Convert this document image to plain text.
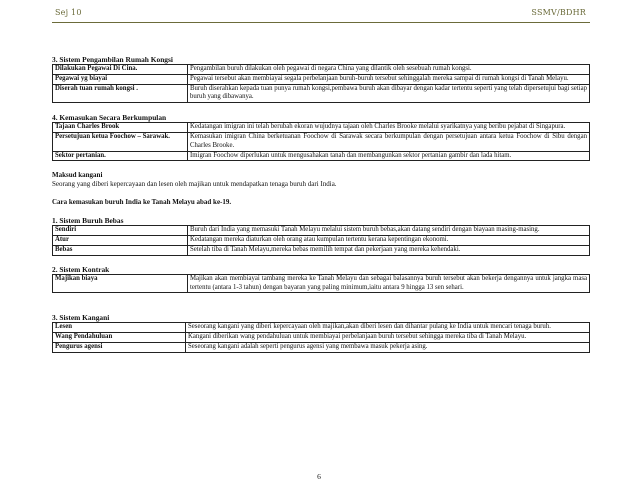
Sej 10	SSMV/BDHR
3. Sistem Pengambilan Rumah Kongsi
Dilakukan Pegawai Di Cina.	Pengambilan buruh dilakukan oleh pegawai di negara China yang dilantik oleh sesebuah rumah kongsi.
Pegawai yg biayai	Pegawai tersebut akan membiayai segala perbelanjaan buruh-buruh tersebut sehinggalah mereka sampai di rumah kongsi di Tanah Melayu.
Diserah tuan rumah kongsi .	Buruh diserahkan kepada tuan punya rumah kongsi,pembawa buruh akan dibayar dengan kadar tertentu seperti yang telah dipersetujui bagi setiap buruh yang dibawanya.
4. Kemasukan Secara Berkumpulan
Tajaan Charles Brook	Kedatangan imigran ini telah berubah ekoran wujudnya tajaan oleh Charles Brooke melalui syarikatnya yang beribu pejabat di Singapura.
Persetujuan ketua Foochow – Sarawak.	Kemasukan imigran China berketuanan Foochow di Sarawak secara berkumpulan dengan persetujuan antara ketua Foochow di Sibu dengan Charles Brooke.
Sektor pertanian.	Imigran Foochow diperlukan untuk mengusahakan tanah dan membangunkan sektor pertanian gambir dan lada hitam.
Maksud kangani
Seorang yang diberi kepercayaan dan lesen oleh majikan untuk mendapatkan tenaga buruh dari India.
Cara kemasukan buruh India ke Tanah Melayu abad ke-19.
1. Sistem Buruh Bebas
Sendiri	Buruh dari India yang memasuki Tanah Melayu melalui sistem buruh bebas,akan datang sendiri dengan biayaan masing-masing.
Atur	Kedatangan mereka diaturkan oleh orang atau kumpulan tertentu kerana kepentingan ekonomi.
Bebas	Setelah tiba di Tanah Melayu,mereka bebas memilih tempat dan pekerjaan yang mereka kehendaki.
2. Sistem Kontrak
Majikan biaya	Majikan akan membiayai tambang mereka ke Tanah Melayu dan sebagai balasannya buruh tersebut akan bekerja dengannya untuk jangka masa tertentu (antara 1-3 tahun) dengan bayaran yang paling minimum,iaitu antara 9 hingga 13 sen sehari.
3. Sistem Kangani
Lesen	Seseorang kangani yang diberi kepercayaan oleh majikan,akan diberi lesen dan dihantar pulang ke India untuk mencari tenaga buruh.
Wang Pendahuluan	Kangani diberikan wang pendahuluan untuk membiayai perbelanjaan buruh tersebut sehingga mereka tiba di Tanah Melayu.
Pengurus agensi	Seseorang kangani adalah seperti pengurus agensi yang membawa masuk pekerja asing.
6
